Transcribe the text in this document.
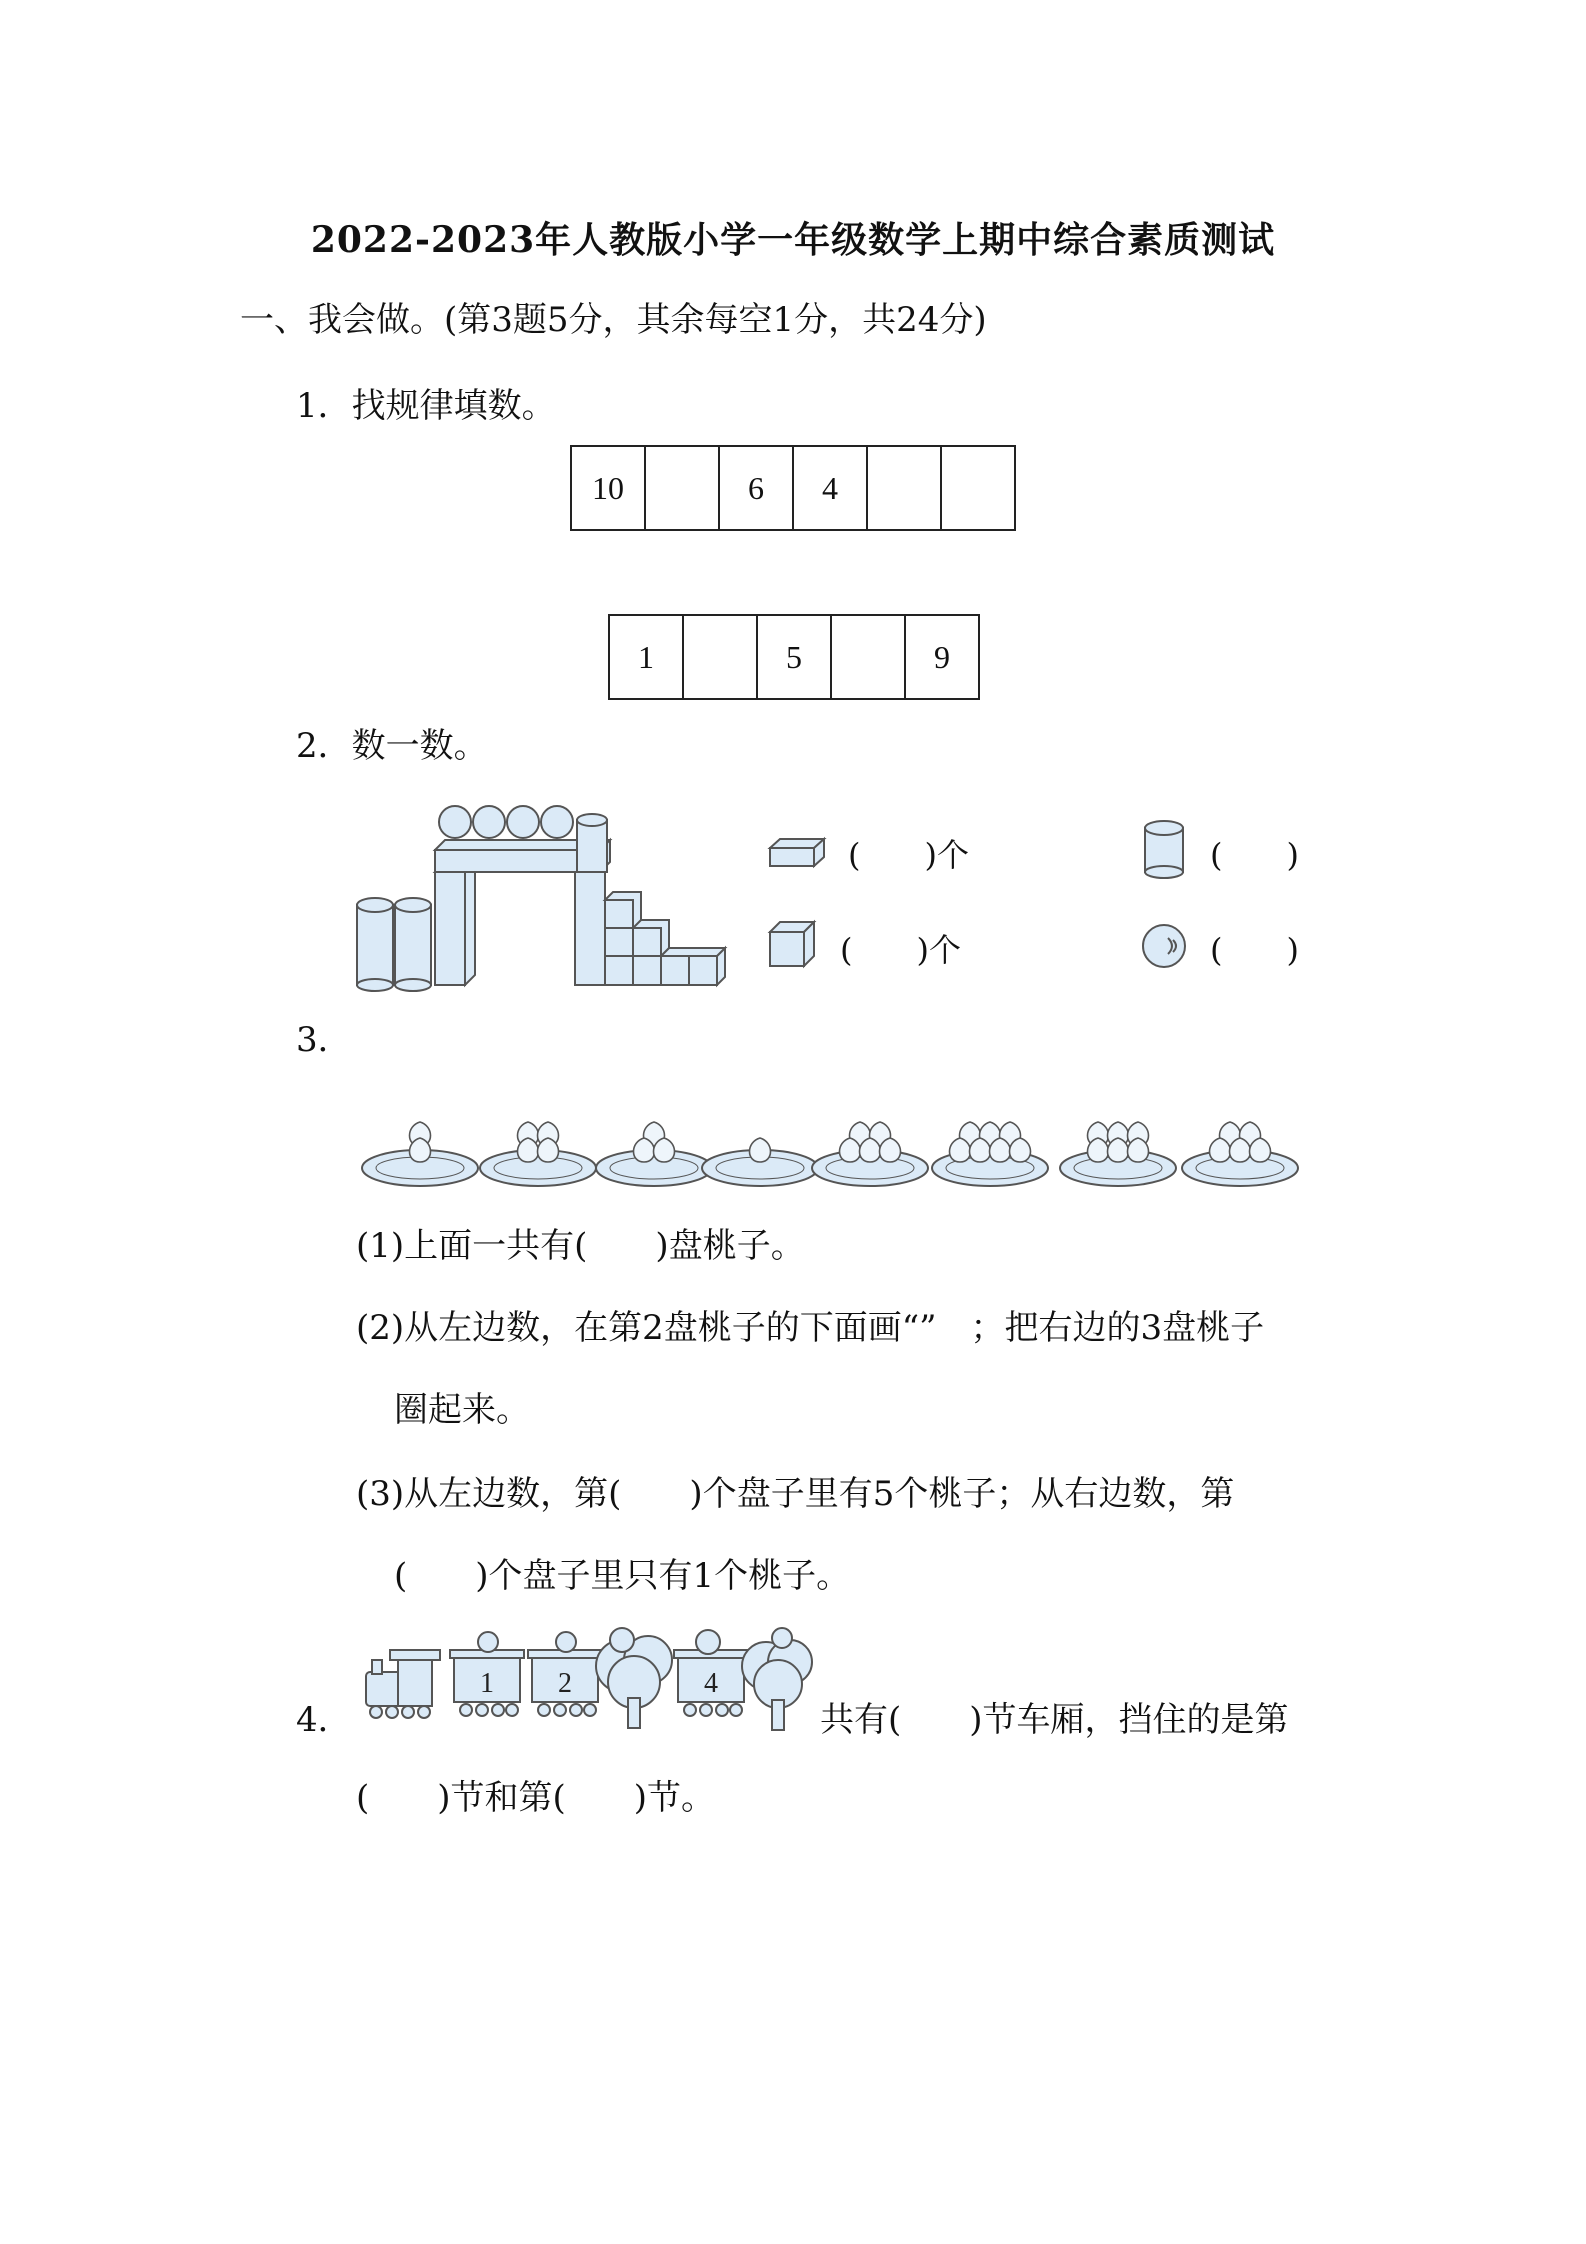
2022-2023年人教版小学一年级数学上期中综合素质测试
一、我会做。(第3题5分，其余每空1分，共24分)
1．找规律填数。
10		6	4		
1		5		9
2．数一数。
(　　)个	(　　)
(　　)个	(　　)
3．
(1)上面一共有(　　)盘桃子。
(2)从左边数，在第2盘桃子的下面画“”　；把右边的3盘桃子
圈起来。
(3)从左边数，第(　　)个盘子里有5个桃子；从右边数，第
(　　)个盘子里只有1个桃子。
4．
1 2	4
共有(　　)节车厢，挡住的是第
(　　)节和第(　　)节。
